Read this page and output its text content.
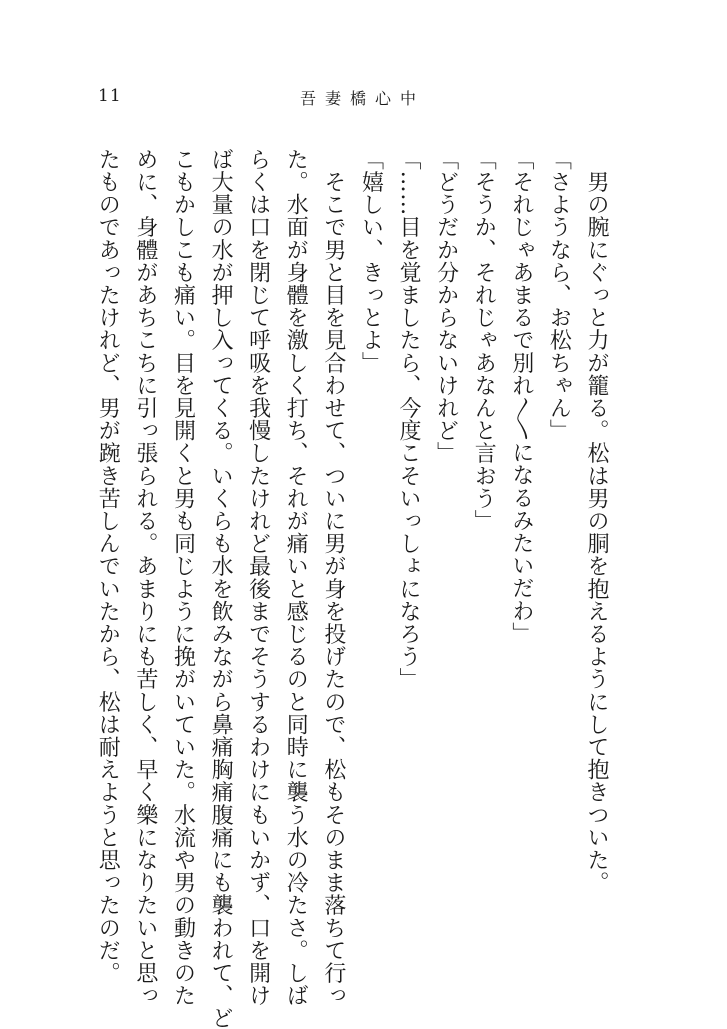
11	吾妻橋心中
　男の腕にぐっと力が籠る。松は男の胴を抱えるようにして抱きついた。
「さようなら、お松ちゃん」
「それじゃあまるで別れ〳〵になるみたいだわ」
「そうか、それじゃあなんと言おう」
「どうだか分からないけれど」
「……目を覚ましたら、今度こそいっしょになろう」
「嬉しい、きっとよ」
　そこで男と目を見合わせて、ついに男が身を投げたので、松もそのまま落ちて行っ
た。水面が身體を激しく打ち、それが痛いと感じるのと同時に襲う水の冷たさ。しば
らくは口を閉じて呼吸を我慢したけれど最後までそうするわけにもいかず、口を開け
ば大量の水が押し入ってくる。いくらも水を飲みながら鼻痛胸痛腹痛にも襲われて、ど
こもかしこも痛い。目を見開くと男も同じように挽がいていた。水流や男の動きのた
めに、身體があちこちに引っ張られる。あまりにも苦しく、早く樂になりたいと思っ
たものであったけれど、男が踠き苦しんでいたから、松は耐えようと思ったのだ。
